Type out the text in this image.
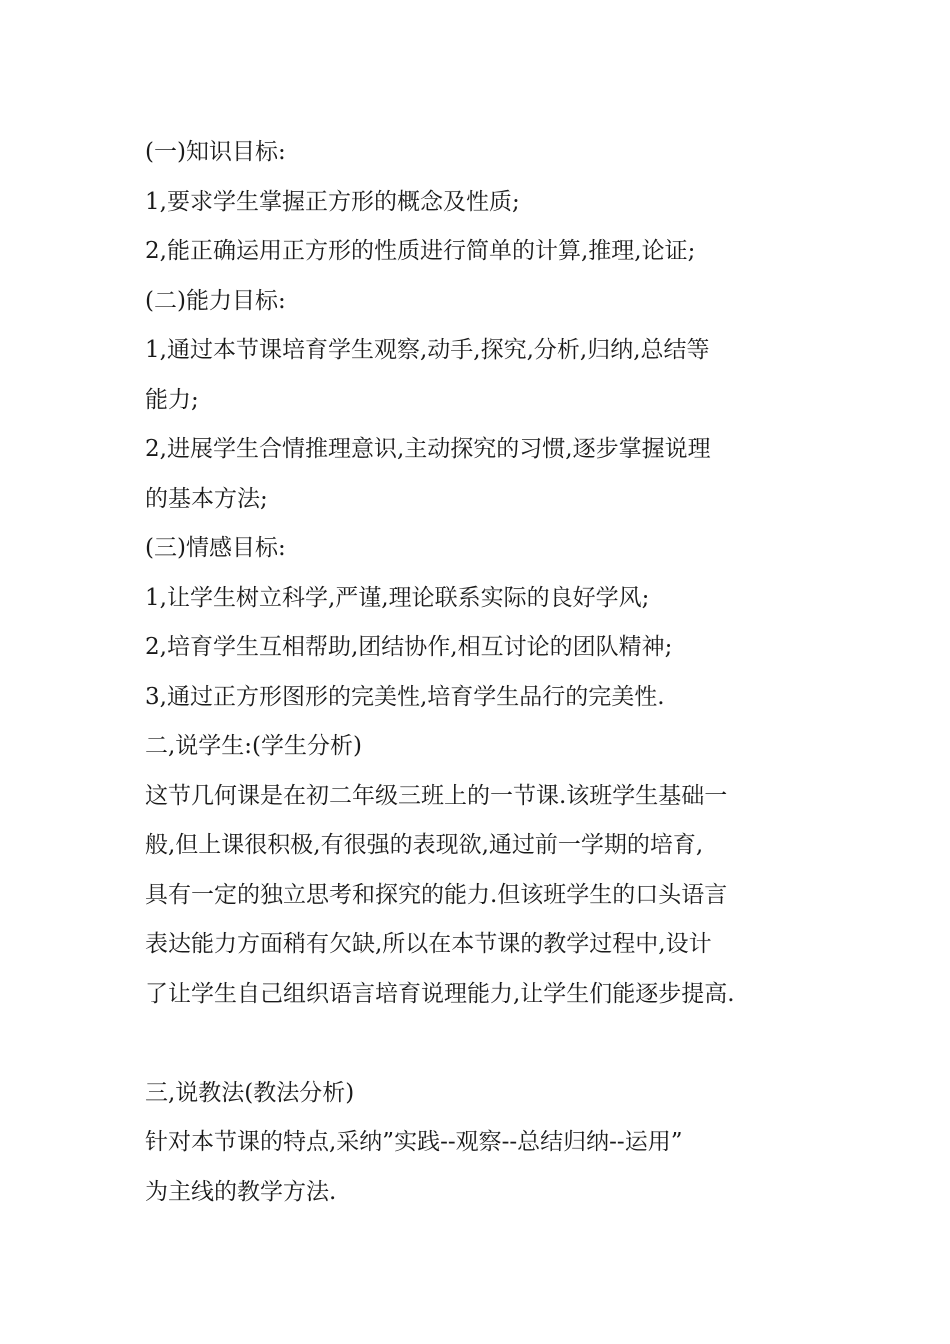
(一)知识目标:
1,要求学生掌握正方形的概念及性质;
2,能正确运用正方形的性质进行简单的计算,推理,论证;
(二)能力目标:
1,通过本节课培育学生观察,动手,探究,分析,归纳,总结等
能力;
2,进展学生合情推理意识,主动探究的习惯,逐步掌握说理
的基本方法;
(三)情感目标:
1,让学生树立科学,严谨,理论联系实际的良好学风;
2,培育学生互相帮助,团结协作,相互讨论的团队精神;
3,通过正方形图形的完美性,培育学生品行的完美性.
二,说学生:(学生分析)
这节几何课是在初二年级三班上的一节课.该班学生基础一
般,但上课很积极,有很强的表现欲,通过前一学期的培育,
具有一定的独立思考和探究的能力.但该班学生的口头语言
表达能力方面稍有欠缺,所以在本节课的教学过程中,设计
了让学生自己组织语言培育说理能力,让学生们能逐步提高.
三,说教法(教法分析)
针对本节课的特点,采纳”实践--观察--总结归纳--运用”
为主线的教学方法.
